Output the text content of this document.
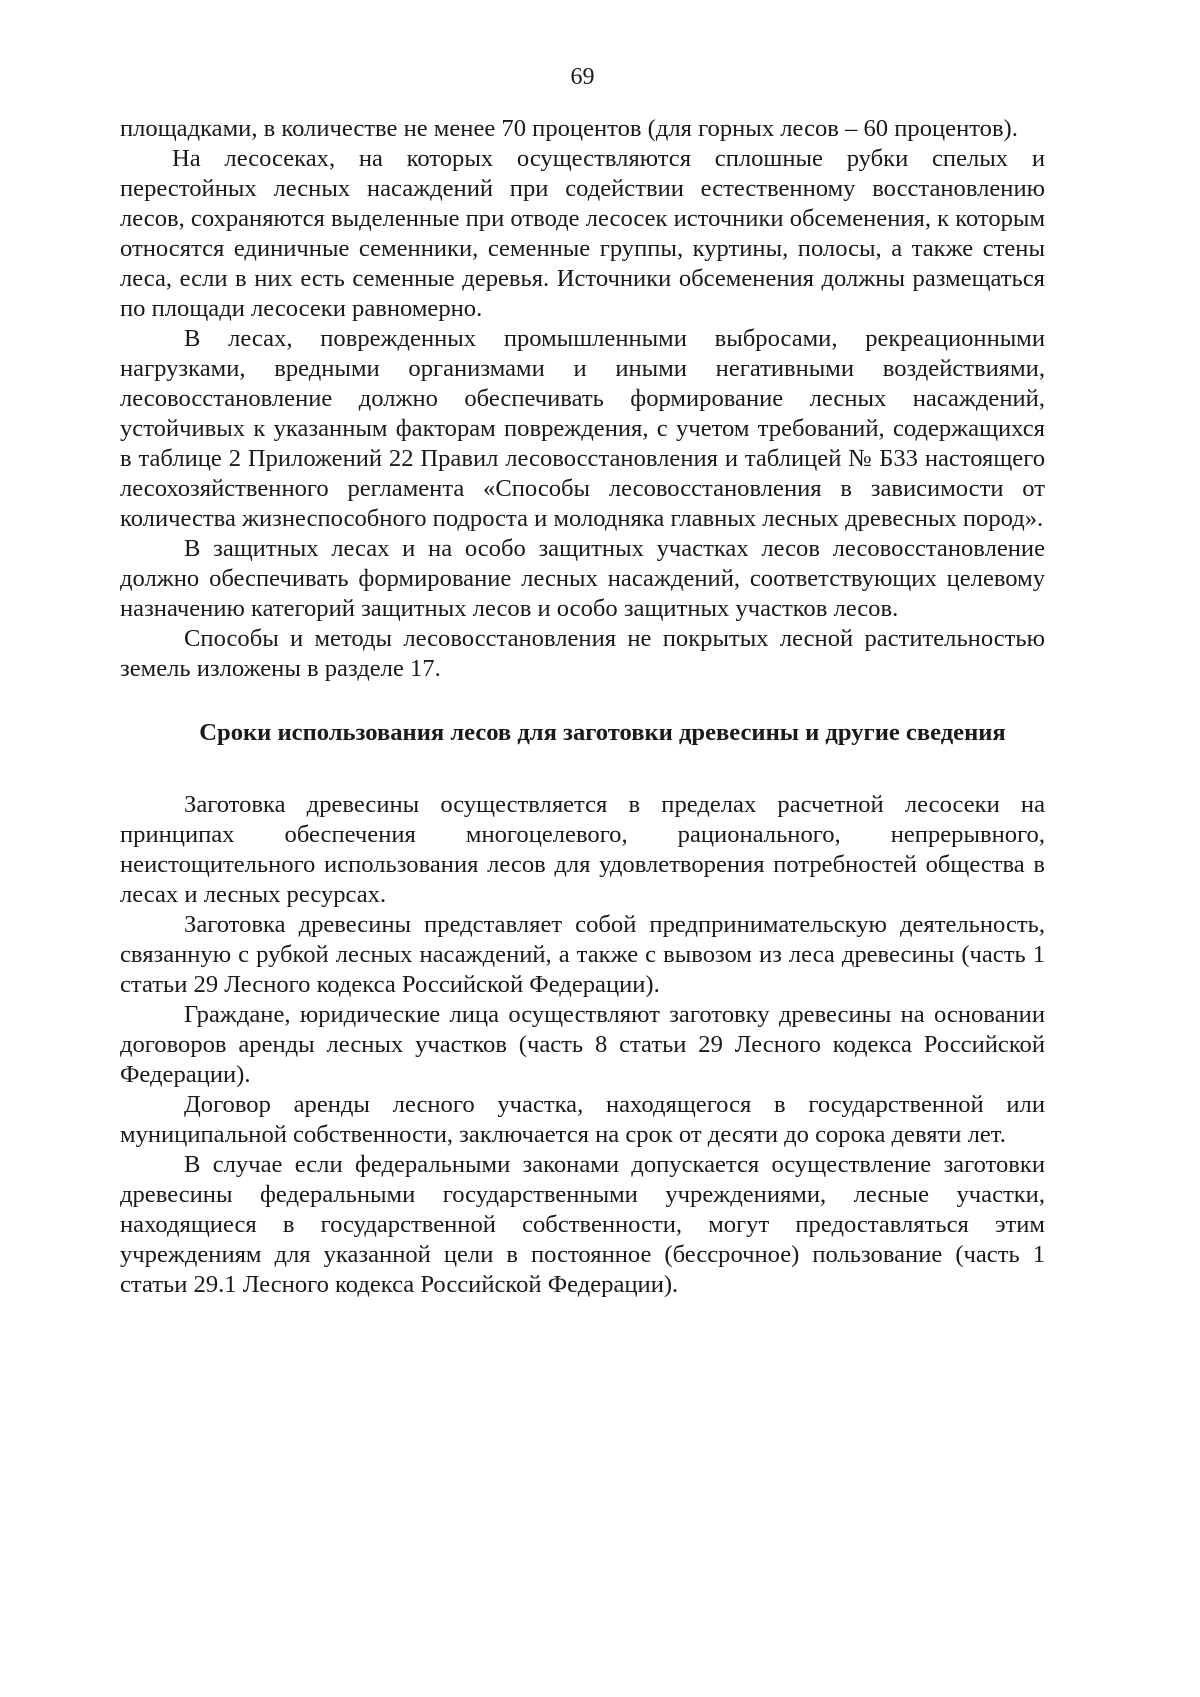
69

площадками, в количестве не менее 70 процентов (для горных лесов – 60 процентов).

На лесосеках, на которых осуществляются сплошные рубки спелых и перестойных лесных насаждений при содействии естественному восстановлению лесов, сохраняются выделенные при отводе лесосек источники обсеменения, к которым относятся единичные семенники, семенные группы, куртины, полосы, а также стены леса, если в них есть семенные деревья. Источники обсеменения должны размещаться по площади лесосеки равномерно.

В лесах, поврежденных промышленными выбросами, рекреационными нагрузками, вредными организмами и иными негативными воздействиями, лесовосстановление должно обеспечивать формирование лесных насаждений, устойчивых к указанным факторам повреждения, с учетом требований, содержащихся в таблице 2 Приложений 22 Правил лесовосстановления и таблицей № Б33 настоящего лесохозяйственного регламента «Способы лесовосстановления в зависимости от количества жизнеспособного подроста и молодняка главных лесных древесных пород».

В защитных лесах и на особо защитных участках лесов лесовосстановление должно обеспечивать формирование лесных насаждений, соответствующих целевому назначению категорий защитных лесов и особо защитных участков лесов.

Способы и методы лесовосстановления не покрытых лесной растительностью земель изложены в разделе 17.

Сроки использования лесов для заготовки древесины и другие сведения

Заготовка древесины осуществляется в пределах расчетной лесосеки на принципах обеспечения многоцелевого, рационального, непрерывного, неистощительного использования лесов для удовлетворения потребностей общества в лесах и лесных ресурсах.

Заготовка древесины представляет собой предпринимательскую деятельность, связанную с рубкой лесных насаждений, а также с вывозом из леса древесины (часть 1 статьи 29 Лесного кодекса Российской Федерации).

Граждане, юридические лица осуществляют заготовку древесины на основании договоров аренды лесных участков (часть 8 статьи 29 Лесного кодекса Российской Федерации).

Договор аренды лесного участка, находящегося в государственной или муниципальной собственности, заключается на срок от десяти до сорока девяти лет.

В случае если федеральными законами допускается осуществление заготовки древесины федеральными государственными учреждениями, лесные участки, находящиеся в государственной собственности, могут предоставляться этим учреждениям для указанной цели в постоянное (бессрочное) пользование (часть 1 статьи 29.1 Лесного кодекса Российской Федерации).
